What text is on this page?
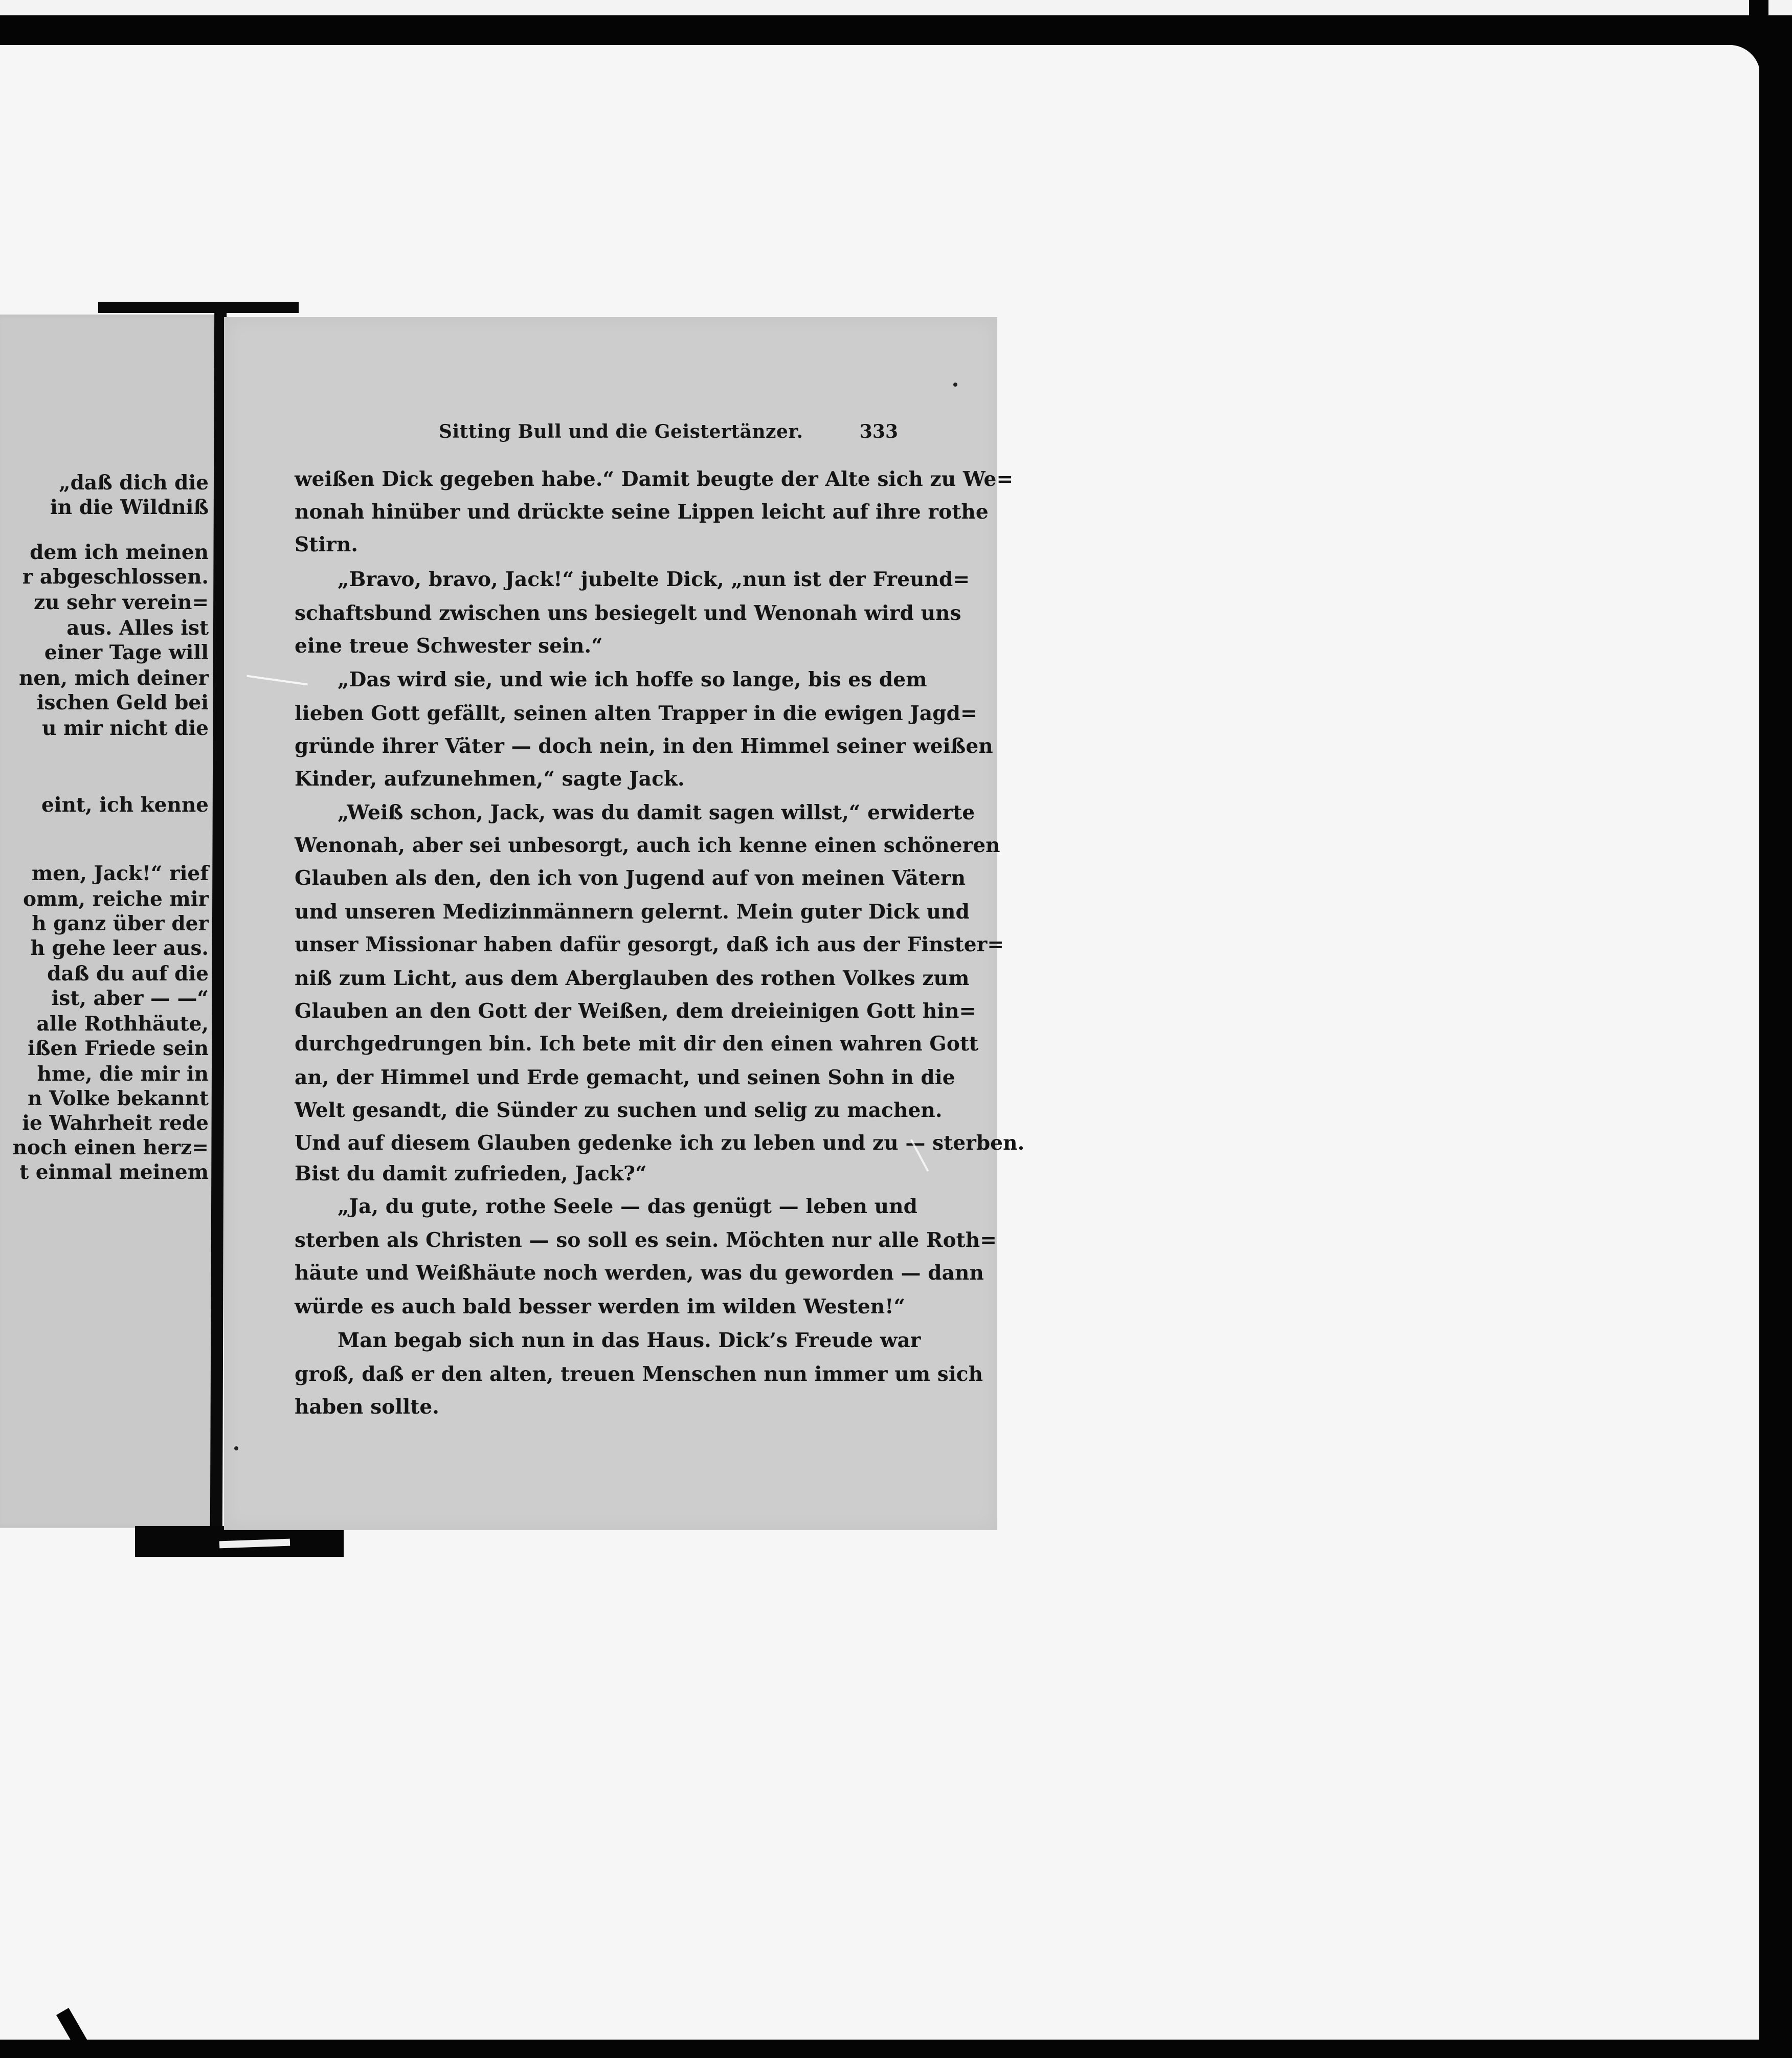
„daß dich die
in die Wildniß
dem ich meinen
r abgeschlossen.
zu sehr verein=
aus. Alles ist
einer Tage will
nen, mich deiner
ischen Geld bei
u mir nicht die
eint, ich kenne
men, Jack!“ rief
omm, reiche mir
h ganz über der
h gehe leer aus.
daß du auf die
ist, aber — —“
alle Rothhäute,
ißen Friede sein
hme, die mir in
n Volke bekannt
ie Wahrheit rede
noch einen herz=
t einmal meinem
Sitting Bull und die Geistertänzer.	333
weißen Dick gegeben habe.“ Damit beugte der Alte sich zu We=
nonah hinüber und drückte seine Lippen leicht auf ihre rothe
Stirn.
„Bravo, bravo, Jack!“ jubelte Dick, „nun ist der Freund=
schaftsbund zwischen uns besiegelt und Wenonah wird uns
eine treue Schwester sein.“
„Das wird sie, und wie ich hoffe so lange, bis es dem
lieben Gott gefällt, seinen alten Trapper in die ewigen Jagd=
gründe ihrer Väter — doch nein, in den Himmel seiner weißen
Kinder, aufzunehmen,“ sagte Jack.
„Weiß schon, Jack, was du damit sagen willst,“ erwiderte
Wenonah, aber sei unbesorgt, auch ich kenne einen schöneren
Glauben als den, den ich von Jugend auf von meinen Vätern
und unseren Medizinmännern gelernt. Mein guter Dick und
unser Missionar haben dafür gesorgt, daß ich aus der Finster=
niß zum Licht, aus dem Aberglauben des rothen Volkes zum
Glauben an den Gott der Weißen, dem dreieinigen Gott hin=
durchgedrungen bin. Ich bete mit dir den einen wahren Gott
an, der Himmel und Erde gemacht, und seinen Sohn in die
Welt gesandt, die Sünder zu suchen und selig zu machen.
Und auf diesem Glauben gedenke ich zu leben und zu — sterben.
Bist du damit zufrieden, Jack?“
„Ja, du gute, rothe Seele — das genügt — leben und
sterben als Christen — so soll es sein. Möchten nur alle Roth=
häute und Weißhäute noch werden, was du geworden — dann
würde es auch bald besser werden im wilden Westen!“
Man begab sich nun in das Haus. Dick’s Freude war
groß, daß er den alten, treuen Menschen nun immer um sich
haben sollte.
